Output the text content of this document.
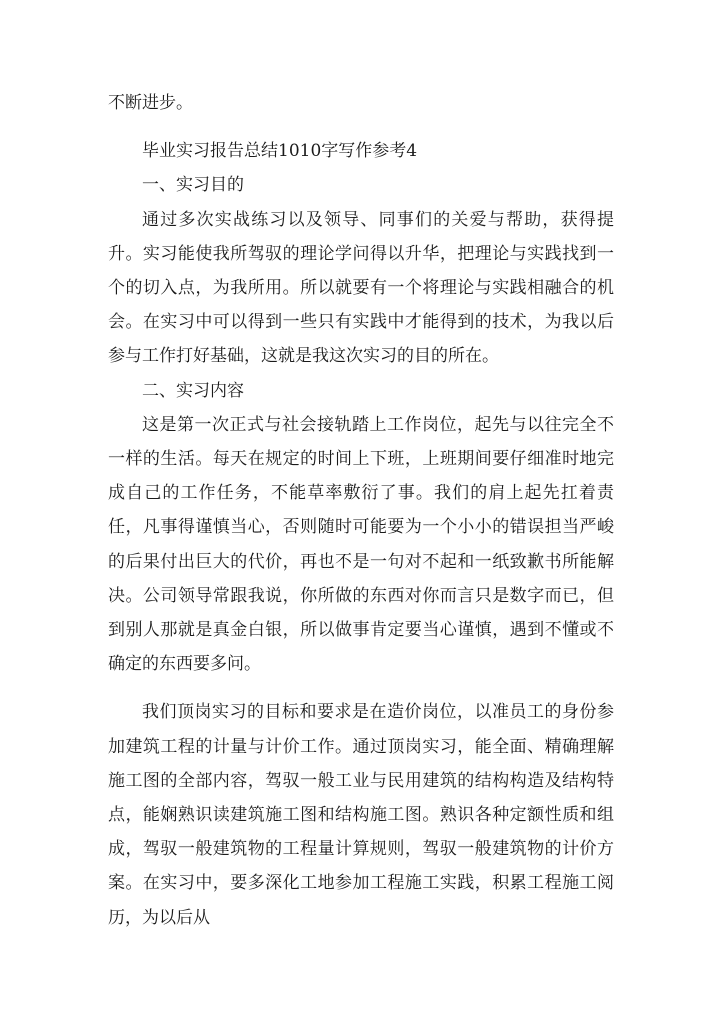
不断进步。

毕业实习报告总结1010字写作参考4

一、实习目的

通过多次实战练习以及领导、同事们的关爱与帮助，获得提升。实习能使我所驾驭的理论学问得以升华，把理论与实践找到一个的切入点，为我所用。所以就要有一个将理论与实践相融合的机会。在实习中可以得到一些只有实践中才能得到的技术，为我以后参与工作打好基础，这就是我这次实习的目的所在。

二、实习内容

这是第一次正式与社会接轨踏上工作岗位，起先与以往完全不一样的生活。每天在规定的时间上下班，上班期间要仔细准时地完成自己的工作任务，不能草率敷衍了事。我们的肩上起先扛着责任，凡事得谨慎当心，否则随时可能要为一个小小的错误担当严峻的后果付出巨大的代价，再也不是一句对不起和一纸致歉书所能解决。公司领导常跟我说，你所做的东西对你而言只是数字而已，但到别人那就是真金白银，所以做事肯定要当心谨慎，遇到不懂或不确定的东西要多问。

我们顶岗实习的目标和要求是在造价岗位，以准员工的身份参加建筑工程的计量与计价工作。通过顶岗实习，能全面、精确理解施工图的全部内容，驾驭一般工业与民用建筑的结构构造及结构特点，能娴熟识读建筑施工图和结构施工图。熟识各种定额性质和组成，驾驭一般建筑物的工程量计算规则，驾驭一般建筑物的计价方案。在实习中，要多深化工地参加工程施工实践，积累工程施工阅历，为以后从
